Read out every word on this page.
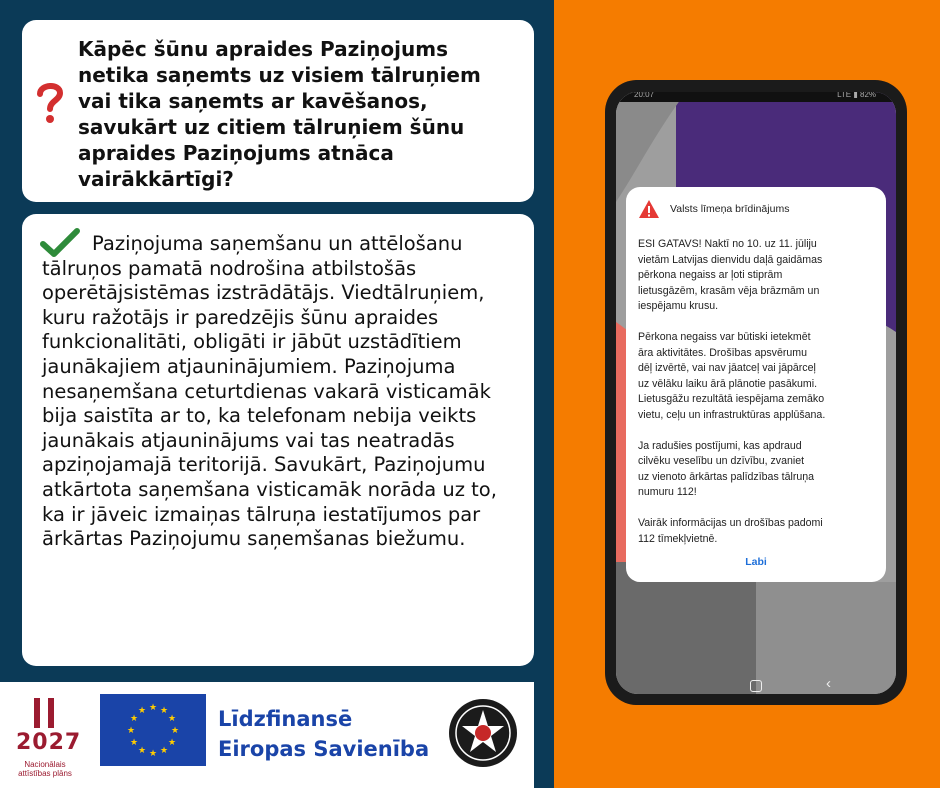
Kāpēc šūnu apraides Paziņojums netika saņemts uz visiem tālruņiem vai tika saņemts ar kavēšanos, savukārt uz citiem tālruņiem šūnu apraides Paziņojums atnāca vairākkārtīgi?

Paziņojuma saņemšanu un attēlošanu tālruņos pamatā nodrošina atbilstošās operētājsistēmas izstrādātājs. Viedtālruņiem, kuru ražotājs ir paredzējis šūnu apraides funkcionalitāti, obligāti ir jābūt uzstādītiem jaunākajiem atjauninājumiem. Paziņojuma nesaņemšana ceturtdienas vakarā visticamāk bija saistīta ar to, ka telefonam nebija veikts jaunākais atjauninājums vai tas neatradās apziņojamajā teritorijā. Savukārt, Paziņojumu atkārtota saņemšana visticamāk norāda uz to, ka ir jāveic izmaiņas tālruņa iestatījumos par ārkārtas Paziņojumu saņemšanas biežumu.

2027
Nacionālais attīstības plāns
★ ★
★
★
★
★
★
★
★
★
★
★	Līdzfinansē
Eiropas Savienība
20:07	LTE ▮ 82%
Valsts līmeņa brīdinājums

ESI GATAVS! Naktī no 10. uz 11. jūliju
vietām Latvijas dienvidu daļā gaidāmas
pērkona negaiss ar ļoti stiprām
lietusgāzēm, krasām vēja brāzmām un
iespējamu krusu.

Pērkona negaiss var būtiski ietekmēt
āra aktivitātes. Drošības apsvērumu
dēļ izvērtē, vai nav jāatceļ vai jāpārceļ
uz vēlāku laiku ārā plānotie pasākumi.
Lietusgāžu rezultātā iespējama zemāko
vietu, ceļu un infrastruktūras applūšana.

Ja radušies postījumi, kas apdraud
cilvēku veselību un dzīvību, zvaniet
uz vienoto ārkārtas palīdzības tālruņa
numuru 112!

Vairāk informācijas un drošības padomi
112 tīmekļvietnē.

Labi
‹
